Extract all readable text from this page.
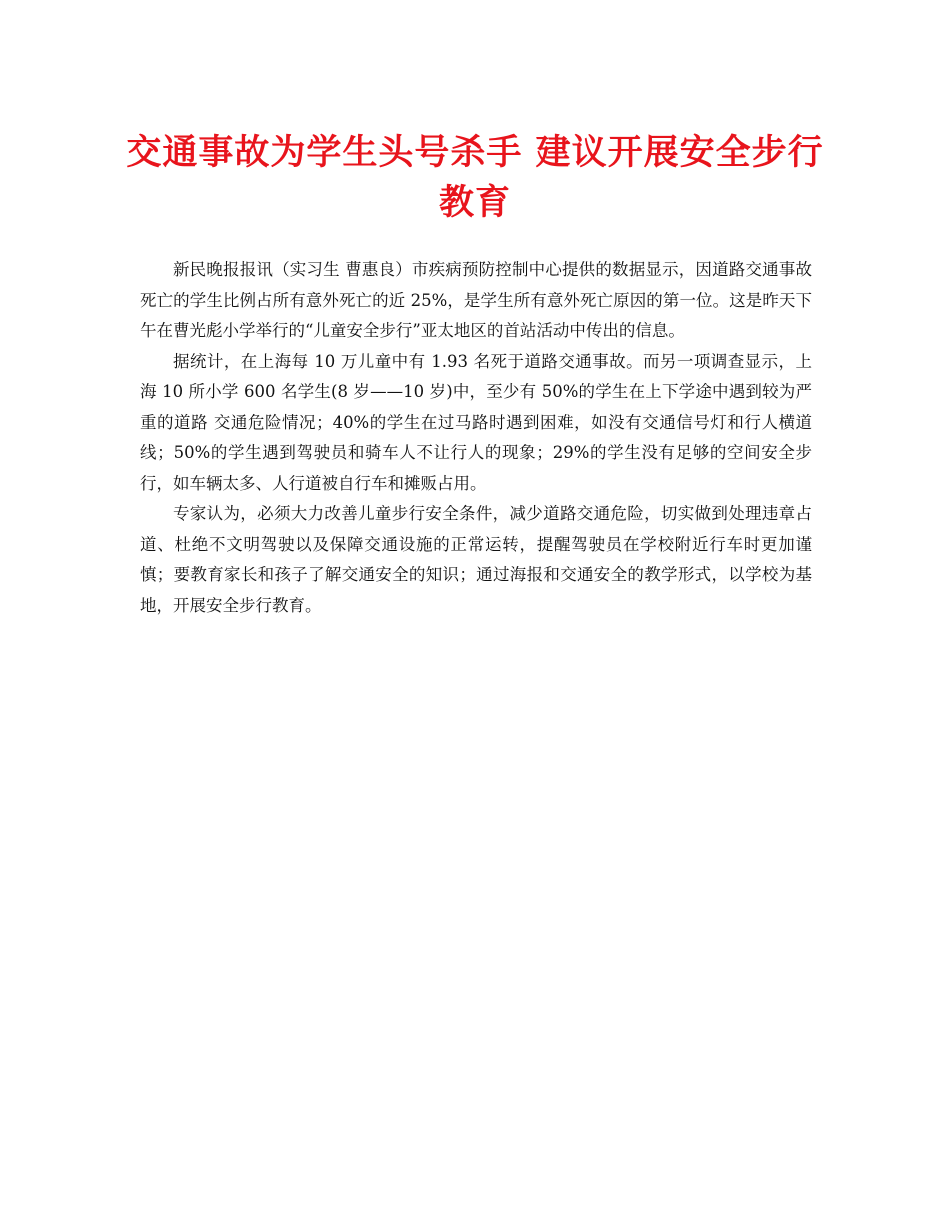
交通事故为学生头号杀手 建议开展安全步行教育

新民晚报报讯（实习生 曹惠良）市疾病预防控制中心提供的数据显示，因道路交通事故死亡的学生比例占所有意外死亡的近 25%，是学生所有意外死亡原因的第一位。这是昨天下午在曹光彪小学举行的“儿童安全步行”亚太地区的首站活动中传出的信息。

据统计，在上海每 10 万儿童中有 1.93 名死于道路交通事故。而另一项调查显示，上海 10 所小学 600 名学生(8 岁——10 岁)中，至少有 50%的学生在上下学途中遇到较为严重的道路 交通危险情况；40%的学生在过马路时遇到困难，如没有交通信号灯和行人横道线；50%的学生遇到驾驶员和骑车人不让行人的现象；29%的学生没有足够的空间安全步行，如车辆太多、人行道被自行车和摊贩占用。

专家认为，必须大力改善儿童步行安全条件，减少道路交通危险，切实做到处理违章占道、杜绝不文明驾驶以及保障交通设施的正常运转，提醒驾驶员在学校附近行车时更加谨慎；要教育家长和孩子了解交通安全的知识；通过海报和交通安全的教学形式，以学校为基地，开展安全步行教育。
